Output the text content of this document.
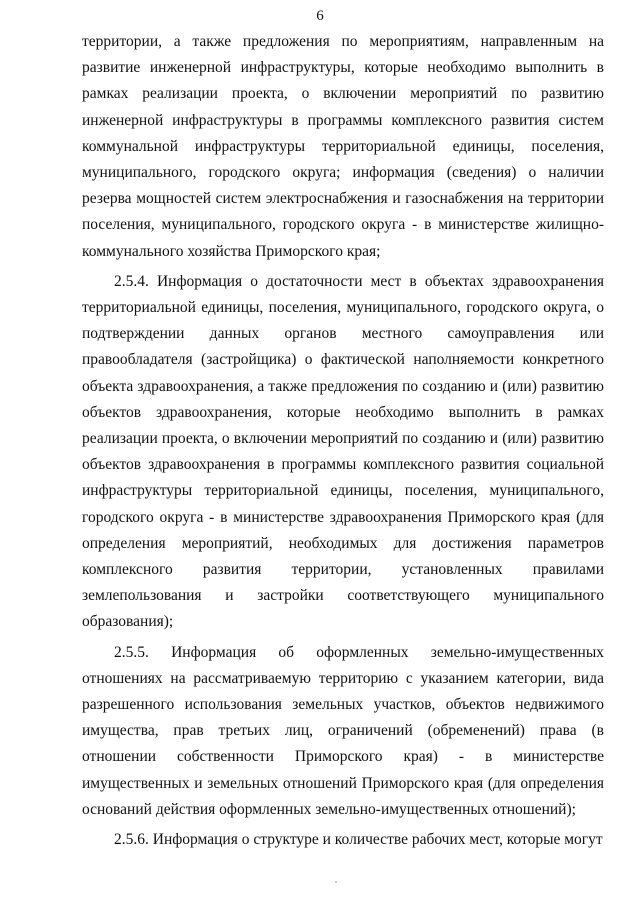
6

территории, а также предложения по мероприятиям, направленным на развитие инженерной инфраструктуры, которые необходимо выполнить в рамках реализации проекта, о включении мероприятий по развитию инженерной инфраструктуры в программы комплексного развития систем коммунальной инфраструктуры территориальной единицы, поселения, муниципального, городского округа; информация (сведения) о наличии резерва мощностей систем электроснабжения и газоснабжения на территории поселения, муниципального, городского округа - в министерстве жилищно-коммунального хозяйства Приморского края;

2.5.4. Информация о достаточности мест в объектах здравоохранения территориальной единицы, поселения, муниципального, городского округа, о подтверждении данных органов местного самоуправления или правообладателя (застройщика) о фактической наполняемости конкретного объекта здравоохранения, а также предложения по созданию и (или) развитию объектов здравоохранения, которые необходимо выполнить в рамках реализации проекта, о включении мероприятий по созданию и (или) развитию объектов здравоохранения в программы комплексного развития социальной инфраструктуры территориальной единицы, поселения, муниципального, городского округа - в министерстве здравоохранения Приморского края (для определения мероприятий, необходимых для достижения параметров комплексного развития территории, установленных правилами землепользования и застройки соответствующего муниципального образования);

2.5.5. Информация об оформленных земельно-имущественных отношениях на рассматриваемую территорию с указанием категории, вида разрешенного использования земельных участков, объектов недвижимого имущества, прав третьих лиц, ограничений (обременений) права (в отношении собственности Приморского края) - в министерстве имущественных и земельных отношений Приморского края (для определения оснований действия оформленных земельно-имущественных отношений);

2.5.6. Информация о структуре и количестве рабочих мест, которые могут
